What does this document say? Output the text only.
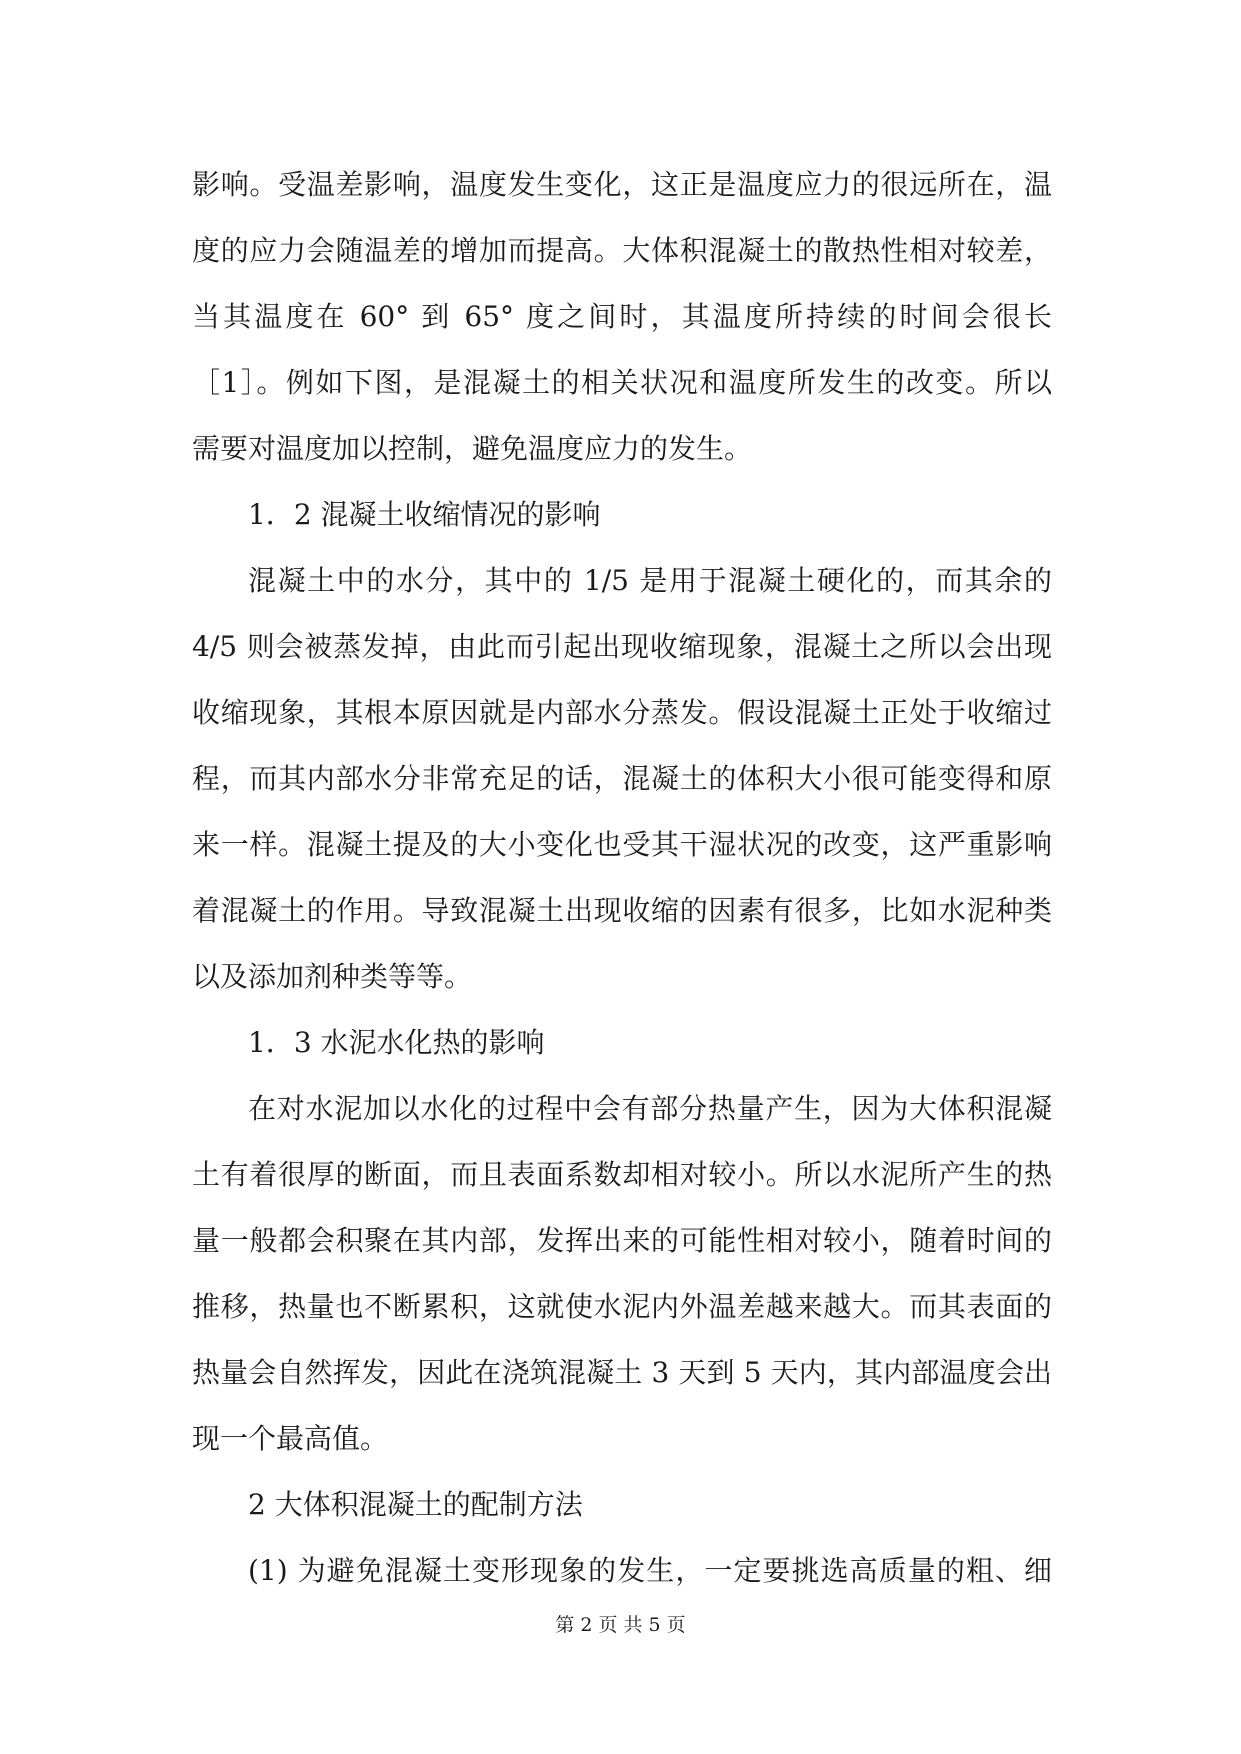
影响。受温差影响，温度发生变化，这正是温度应力的很远所在，温
度的应力会随温差的增加而提高。大体积混凝土的散热性相对较差，
当其温度在 60° 到 65° 度之间时，其温度所持续的时间会很长
［1］。例如下图，是混凝土的相关状况和温度所发生的改变。所以
需要对温度加以控制，避免温度应力的发生。
1．2 混凝土收缩情况的影响
混凝土中的水分，其中的 1/5 是用于混凝土硬化的，而其余的
4/5 则会被蒸发掉，由此而引起出现收缩现象，混凝土之所以会出现
收缩现象，其根本原因就是内部水分蒸发。假设混凝土正处于收缩过
程，而其内部水分非常充足的话，混凝土的体积大小很可能变得和原
来一样。混凝土提及的大小变化也受其干湿状况的改变，这严重影响
着混凝土的作用。导致混凝土出现收缩的因素有很多，比如水泥种类
以及添加剂种类等等。
1．3 水泥水化热的影响
在对水泥加以水化的过程中会有部分热量产生，因为大体积混凝
土有着很厚的断面，而且表面系数却相对较小。所以水泥所产生的热
量一般都会积聚在其内部，发挥出来的可能性相对较小，随着时间的
推移，热量也不断累积，这就使水泥内外温差越来越大。而其表面的
热量会自然挥发，因此在浇筑混凝土 3 天到 5 天内，其内部温度会出
现一个最高值。
2 大体积混凝土的配制方法
(1) 为避免混凝土变形现象的发生，一定要挑选高质量的粗、细
第 2 页 共 5 页
